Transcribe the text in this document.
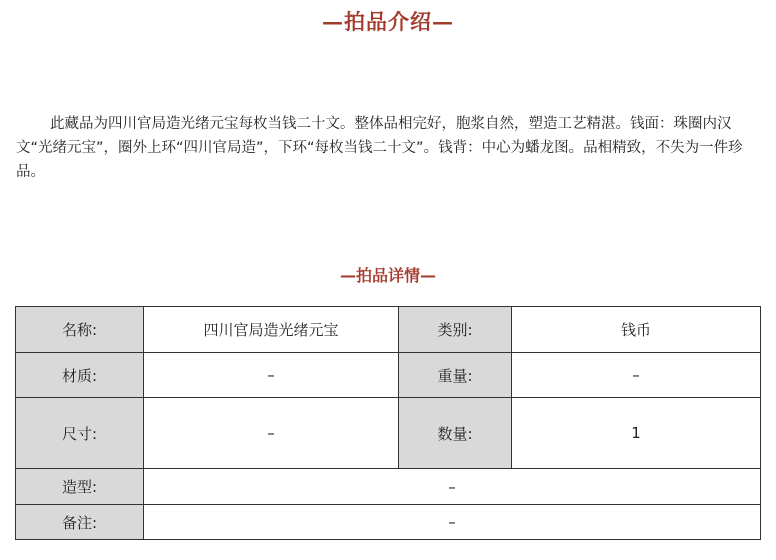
—拍品介绍—
此藏品为四川官局造光绪元宝每枚当钱二十文。整体品相完好，胞浆自然，塑造工艺精湛。钱面：珠圈内汉文“光绪元宝”，圈外上环“四川官局造”，下环“每枚当钱二十文”。钱背：中心为蟠龙图。品相精致，不失为一件珍品。
—拍品详情—
名称:	四川官局造光绪元宝	类别:	钱币
材质:	–	重量:	–
尺寸:	–	数量:	1
造型:	–		
备注:	–		
